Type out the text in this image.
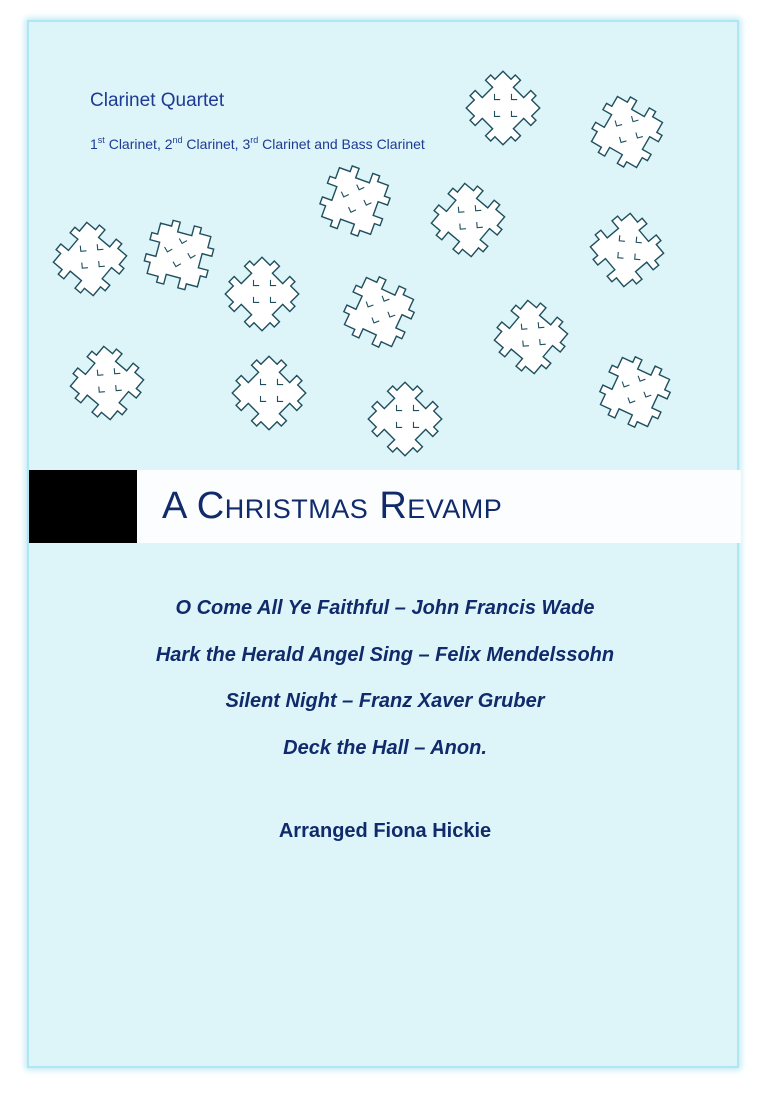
Clarinet Quartet
1st Clarinet, 2nd Clarinet, 3rd Clarinet and Bass Clarinet
A Christmas Revamp
O Come All Ye Faithful – John Francis Wade
Hark the Herald Angel Sing – Felix Mendelssohn
Silent Night – Franz Xaver Gruber
Deck the Hall – Anon.
Arranged Fiona Hickie
